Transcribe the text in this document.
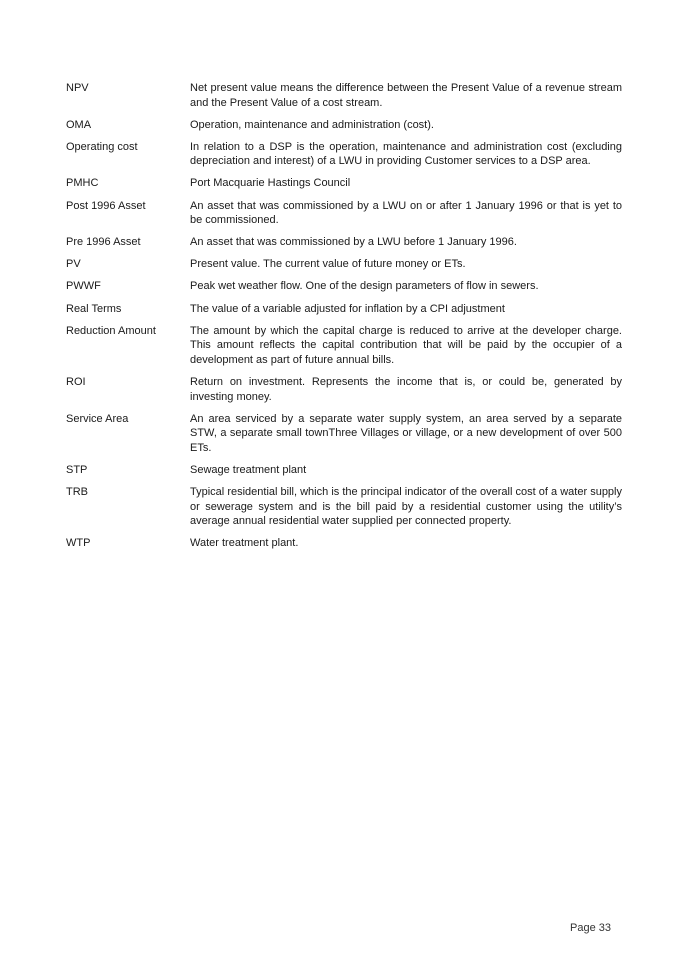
NPV	Net present value means the difference between the Present Value of a revenue stream and the Present Value of a cost stream.
OMA	Operation, maintenance and administration (cost).
Operating cost	In relation to a DSP is the operation, maintenance and administration cost (excluding depreciation and interest) of a LWU in providing Customer services to a DSP area.
PMHC	Port Macquarie Hastings Council
Post 1996 Asset	An asset that was commissioned by a LWU on or after 1 January 1996 or that is yet to be commissioned.
Pre 1996 Asset	An asset that was commissioned by a LWU before 1 January 1996.
PV	Present value. The current value of future money or ETs.
PWWF	Peak wet weather flow. One of the design parameters of flow in sewers.
Real Terms	The value of a variable adjusted for inflation by a CPI adjustment
Reduction Amount	The amount by which the capital charge is reduced to arrive at the developer charge. This amount reflects the capital contribution that will be paid by the occupier of a development as part of future annual bills.
ROI	Return on investment. Represents the income that is, or could be, generated by investing money.
Service Area	An area serviced by a separate water supply system, an area served by a separate STW, a separate small townThree Villages or village, or a new development of over 500 ETs.
STP	Sewage treatment plant
TRB	Typical residential bill, which is the principal indicator of the overall cost of a water supply or sewerage system and is the bill paid by a residential customer using the utility’s average annual residential water supplied per connected property.
WTP	Water treatment plant.
Page 33
